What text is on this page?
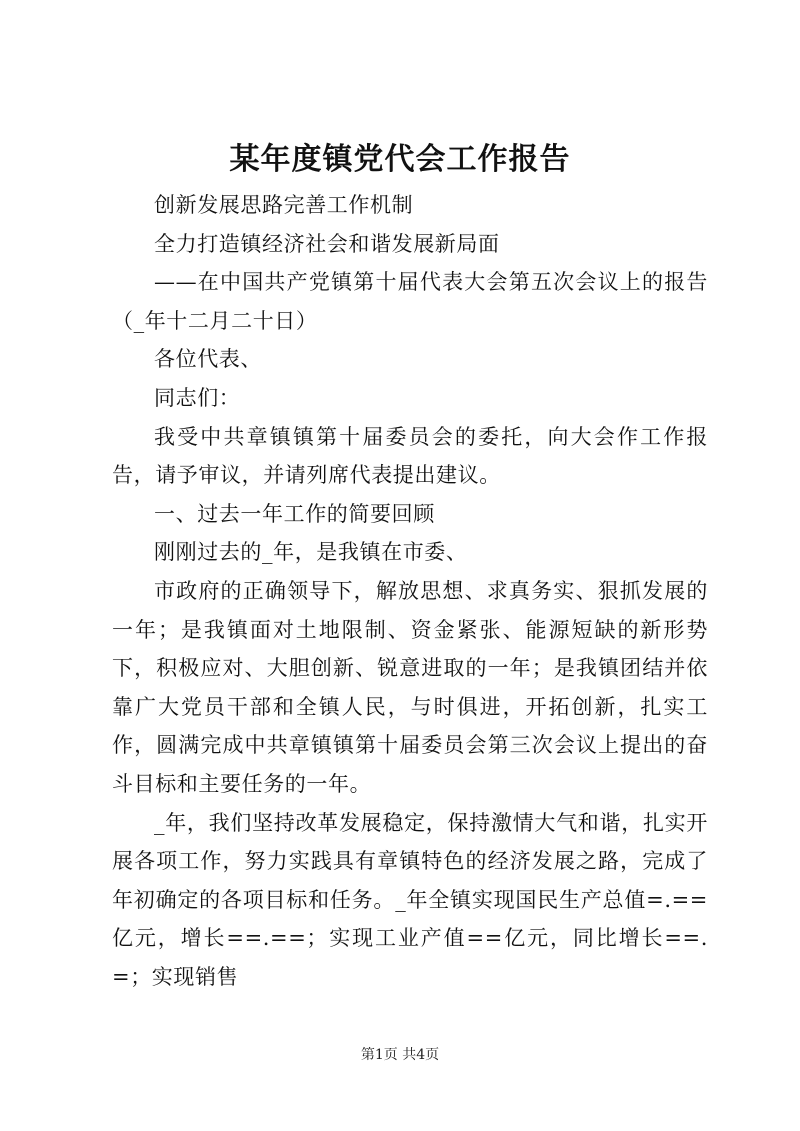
某年度镇党代会工作报告

创新发展思路完善工作机制

全力打造镇经济社会和谐发展新局面

——在中国共产党镇第十届代表大会第五次会议上的报告（_年十二月二十日）

各位代表、

同志们：

我受中共章镇镇第十届委员会的委托，向大会作工作报告，请予审议，并请列席代表提出建议。

一、过去一年工作的简要回顾

刚刚过去的_年，是我镇在市委、

市政府的正确领导下，解放思想、求真务实、狠抓发展的一年；是我镇面对土地限制、资金紧张、能源短缺的新形势下，积极应对、大胆创新、锐意进取的一年；是我镇团结并依靠广大党员干部和全镇人民，与时俱进，开拓创新，扎实工作，圆满完成中共章镇镇第十届委员会第三次会议上提出的奋斗目标和主要任务的一年。

_年，我们坚持改革发展稳定，保持激情大气和谐，扎实开展各项工作，努力实践具有章镇特色的经济发展之路，完成了年初确定的各项目标和任务。_年全镇实现国民生产总值=.==亿元，增长==.==；实现工业产值==亿元，同比增长==.=；实现销售

第1页 共4页
